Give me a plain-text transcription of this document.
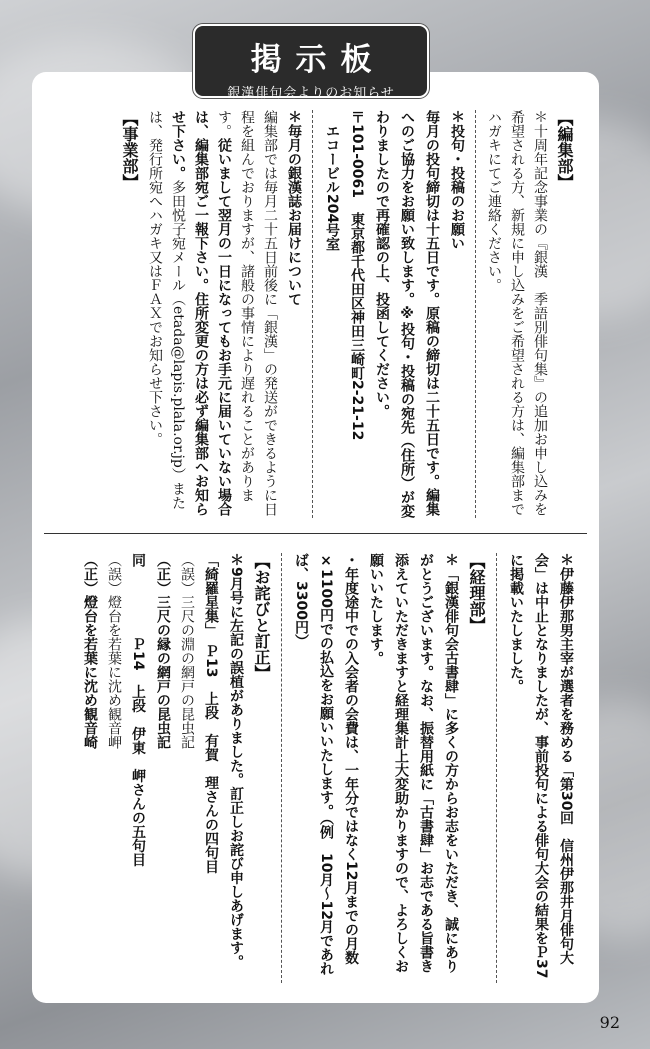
掲示板
銀漢俳句会よりのお知らせ
【編集部】

＊十周年記念事業の『銀漢　季語別俳句集』の追加お申し込みを希望される方、新規に申し込みをご希望される方は、編集部までハガキにてご連絡ください。

＊投句・投稿のお願い

毎月の投句締切は十五日です。原稿の締切は二十五日です。編集へのご協力をお願い致します。※投句・投稿の宛先（住所）が変わりましたので再確認の上、投函してください。

〒101-0061　東京都千代田区神田三崎町2-21-12

エコービル204号室

＊毎月の銀漢誌お届けについて

編集部では毎月二十五日前後に「銀漢」の発送ができるように日程を組んでおりますが、諸般の事情により遅れることがあります。従いまして翌月の一日になってもお手元に届いていない場合は、編集部宛ご一報下さい。住所変更の方は必ず編集部へお知らせ下さい。多田悦子宛メール（etada@lapis.plala.or.jp）または、発行所宛へハガキ又はＦＡＸでお知らせ下さい。

【事業部】

＊伊藤伊那男主宰が選者を務める「第30回　信州伊那井月俳句大会」は中止となりましたが、事前投句による俳句大会の結果をＰ37に掲載いたしました。

【経理部】

＊「銀漢俳句会古書肆」に多くの方からお志をいただき、誠にありがとうございます。なお、振替用紙に「古書肆」お志である旨書き添えていただきますと経理集計上大変助かりますので、よろしくお願いいたします。

・年度途中での入会者の会費は、一年分ではなく12月までの月数×1100円での払込をお願いいたします。（例　10月～12月であれば、3300円）

【お詫びと訂正】

＊9月号に左記の誤植がありました。訂正しお詫び申しあげます。

「綺羅星集」　Ｐ13　上段　有賀　理さんの四句目

（誤）三尺の淵の網戸の昆虫記

（正）三尺の縁の網戸の昆虫記

同　　　　　Ｐ14　上段　伊東　岬さんの五句目

（誤）燈台を若葉に沈め観音岬

（正）燈台を若葉に沈め観音崎

92
